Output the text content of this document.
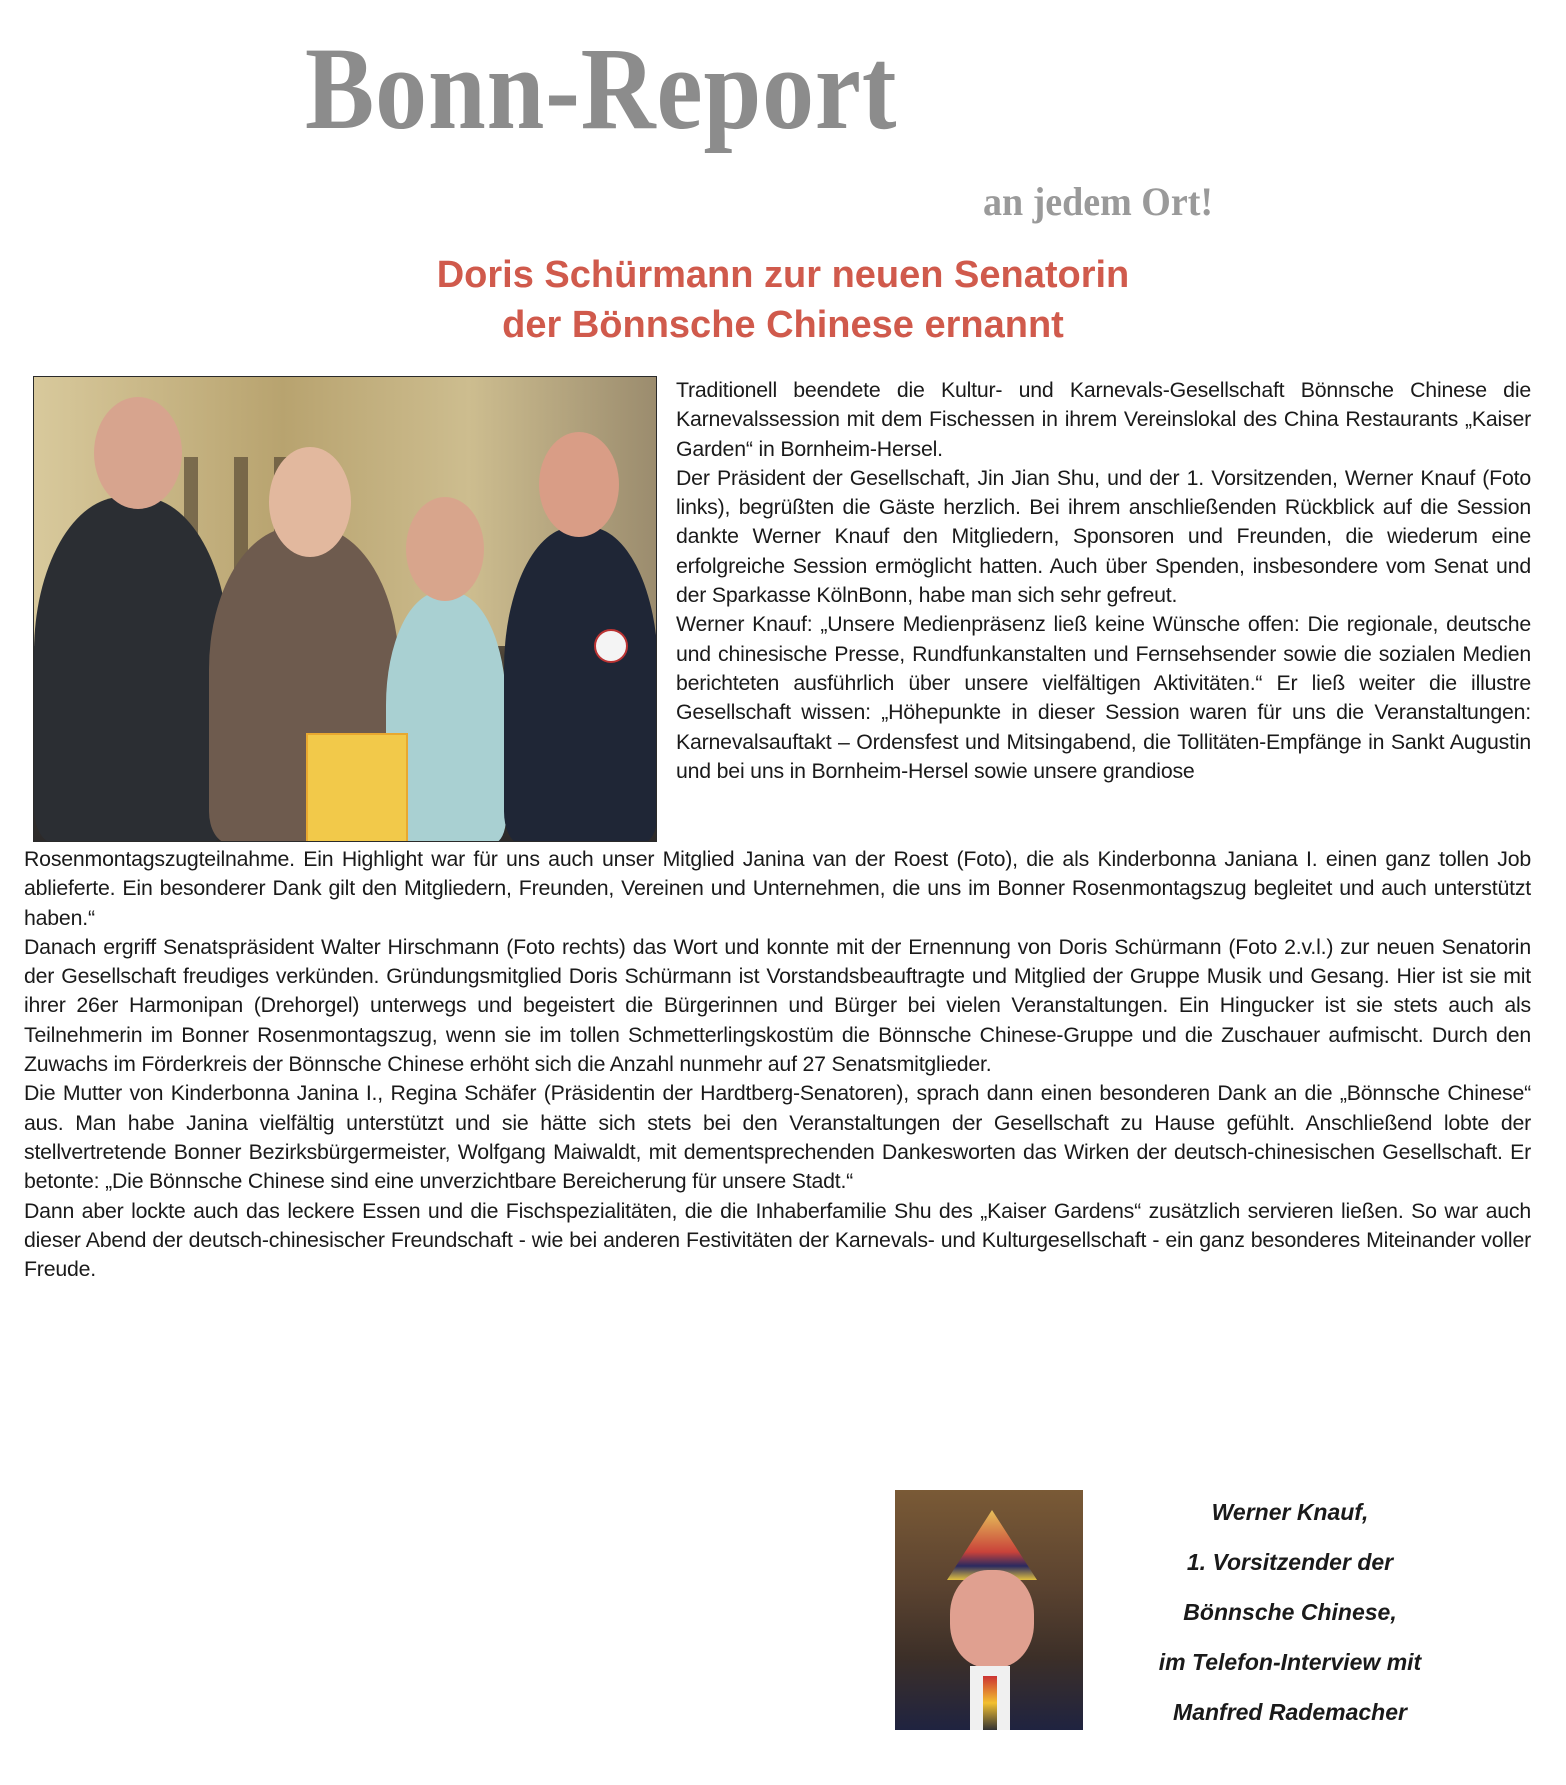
Bonn-Report
an jedem Ort!
Doris Schürmann zur neuen Senatorin
der Bönnsche Chinese ernannt

Traditionell beendete die Kultur- und Karnevals-Gesellschaft Bönnsche Chinese die Karnevalssession mit dem Fischessen in ihrem Vereinslokal des China Restaurants „Kaiser Garden“ in Bornheim-Hersel.

Der Präsident der Gesellschaft, Jin Jian Shu, und der 1. Vorsitzenden, Werner Knauf (Foto links), begrüßten die Gäste herzlich. Bei ihrem anschließenden Rückblick auf die Session dankte Werner Knauf den Mitgliedern, Sponsoren und Freunden, die wiederum eine erfolgreiche Session ermöglicht hatten. Auch über Spenden, insbesondere vom Senat und der Sparkasse KölnBonn, habe man sich sehr gefreut.

Werner Knauf: „Unsere Medienpräsenz ließ keine Wünsche offen: Die regionale, deutsche und chinesische Presse, Rundfunkanstalten und Fernsehsender sowie die sozialen Medien berichteten ausführlich über unsere vielfältigen Aktivitäten.“ Er ließ weiter die illustre Gesellschaft wissen: „Höhepunkte in dieser Session waren für uns die Veranstaltungen: Karnevalsauftakt – Ordensfest und Mitsingabend, die Tollitäten-Empfänge in Sankt Augustin und bei uns in Bornheim-Hersel sowie unsere grandiose

Rosenmontagszugteilnahme. Ein Highlight war für uns auch unser Mitglied Janina van der Roest (Foto), die als Kinderbonna Janiana I. einen ganz tollen Job ablieferte. Ein besonderer Dank gilt den Mitgliedern, Freunden, Vereinen und Unternehmen, die uns im Bonner Rosenmontagszug begleitet und auch unterstützt haben.“

Danach ergriff Senatspräsident Walter Hirschmann (Foto rechts) das Wort und konnte mit der Ernennung von Doris Schürmann (Foto 2.v.l.) zur neuen Senatorin der Gesellschaft freudiges verkünden. Gründungsmitglied Doris Schürmann ist Vorstandsbeauftragte und Mitglied der Gruppe Musik und Gesang. Hier ist sie mit ihrer 26er Harmonipan (Drehorgel) unterwegs und begeistert die Bürgerinnen und Bürger bei vielen Veranstaltungen. Ein Hingucker ist sie stets auch als Teilnehmerin im Bonner Rosenmontagszug, wenn sie im tollen Schmetterlingskostüm die Bönnsche Chinese-Gruppe und die Zuschauer aufmischt. Durch den Zuwachs im Förderkreis der Bönnsche Chinese erhöht sich die Anzahl nunmehr auf 27 Senatsmitglieder.

Die Mutter von Kinderbonna Janina I., Regina Schäfer (Präsidentin der Hardtberg-Senatoren), sprach dann einen besonderen Dank an die „Bönnsche Chinese“ aus. Man habe Janina vielfältig unterstützt und sie hätte sich stets bei den Veranstaltungen der Gesellschaft zu Hause gefühlt. Anschließend lobte der stellvertretende Bonner Bezirksbürgermeister, Wolfgang Maiwaldt, mit dementsprechenden Dankesworten das Wirken der deutsch-chinesischen Gesellschaft. Er betonte: „Die Bönnsche Chinese sind eine unverzichtbare Bereicherung für unsere Stadt.“

Dann aber lockte auch das leckere Essen und die Fischspezialitäten, die die Inhaberfamilie Shu des „Kaiser Gardens“ zusätzlich servieren ließen. So war auch dieser Abend der deutsch-chinesischer Freundschaft - wie bei anderen Festivitäten der Karnevals- und Kulturgesellschaft - ein ganz besonderes Miteinander voller Freude.

Werner Knauf,
1. Vorsitzender der
Bönnsche Chinese,
im Telefon-Interview mit
Manfred Rademacher
